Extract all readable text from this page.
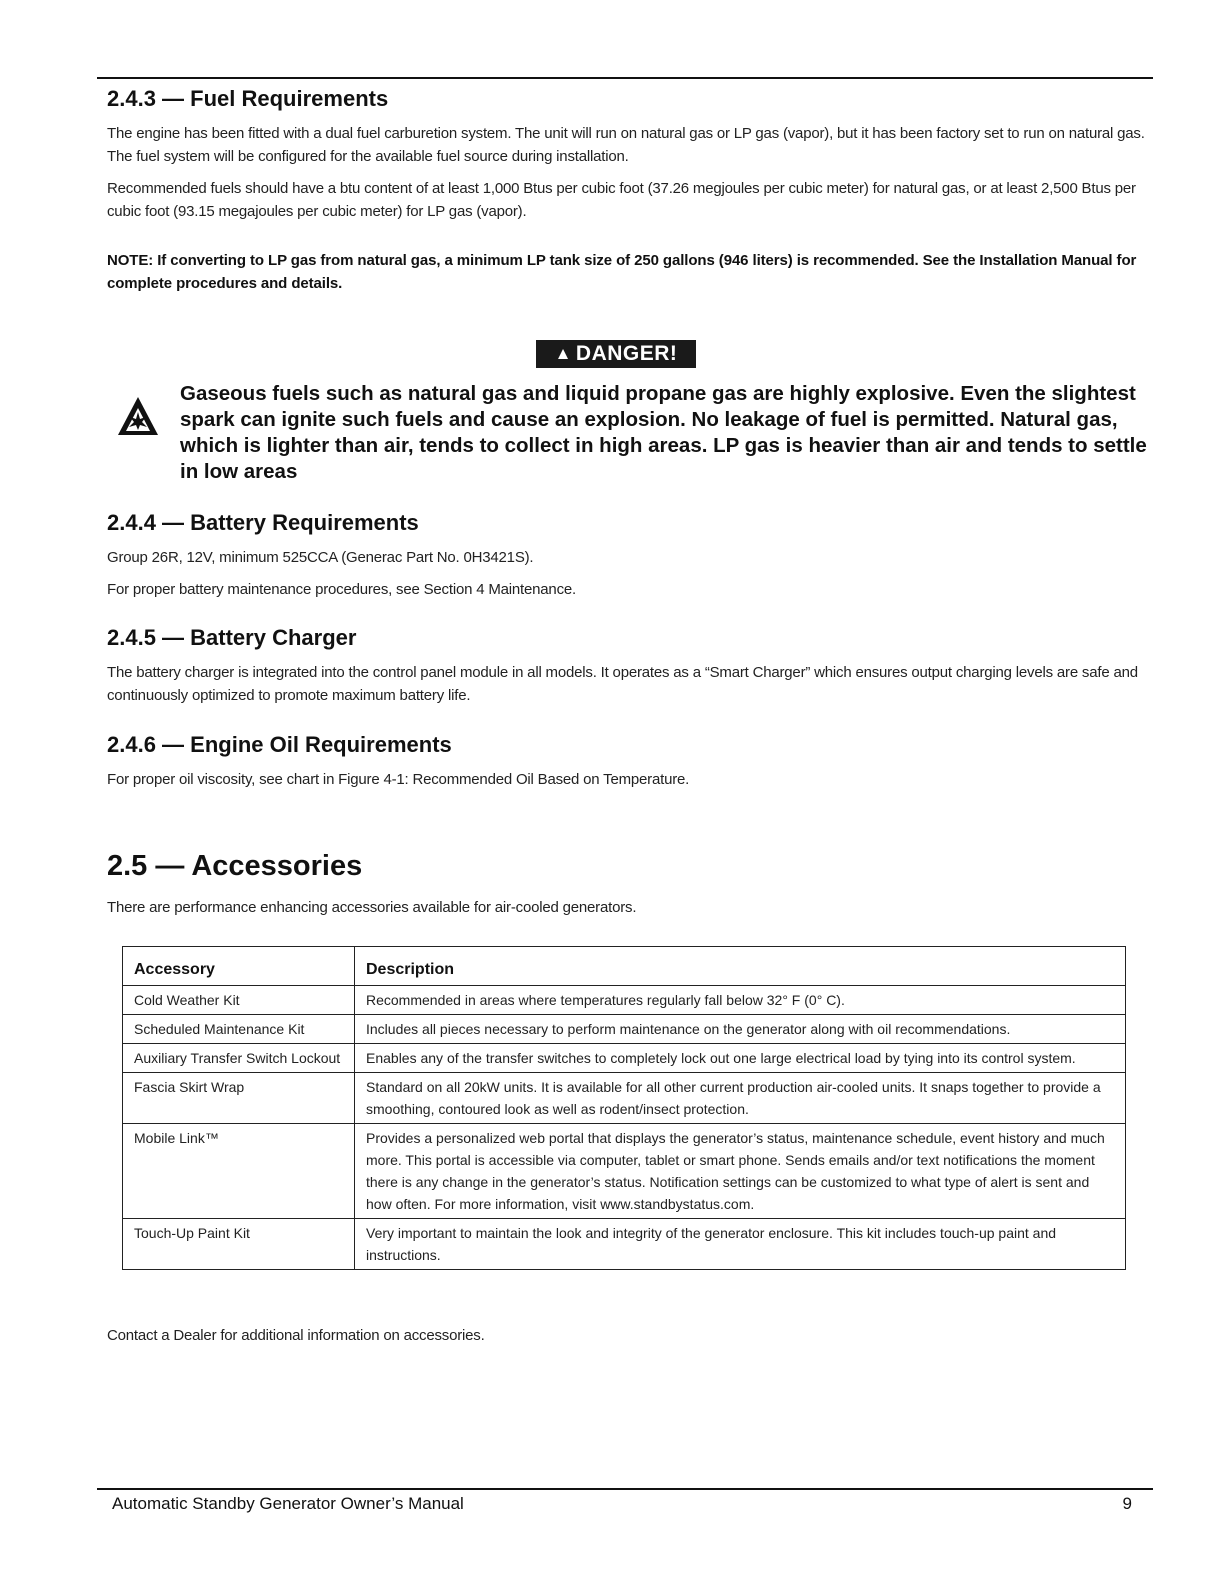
2.4.3 — Fuel Requirements

The engine has been fitted with a dual fuel carburetion system. The unit will run on natural gas or LP gas (vapor), but it has been factory set to run on natural gas. The fuel system will be configured for the available fuel source during installation.

Recommended fuels should have a btu content of at least 1,000 Btus per cubic foot (37.26 megjoules per cubic meter) for natural gas, or at least 2,500 Btus per cubic foot (93.15 megajoules per cubic meter) for LP gas (vapor).

NOTE: If converting to LP gas from natural gas, a minimum LP tank size of 250 gallons (946 liters) is recommended. See the Installation Manual for complete procedures and details.

▲ DANGER!

Gaseous fuels such as natural gas and liquid propane gas are highly explosive. Even the slightest spark can ignite such fuels and cause an explosion. No leakage of fuel is permitted. Natural gas, which is lighter than air, tends to collect in high areas. LP gas is heavier than air and tends to settle in low areas

2.4.4 — Battery Requirements

Group 26R, 12V, minimum 525CCA (Generac Part No. 0H3421S).

For proper battery maintenance procedures, see Section 4 Maintenance.

2.4.5 — Battery Charger

The battery charger is integrated into the control panel module in all models. It operates as a “Smart Charger” which ensures output charging levels are safe and continuously optimized to promote maximum battery life.

2.4.6 — Engine Oil Requirements

For proper oil viscosity, see chart in Figure 4-1: Recommended Oil Based on Temperature.

2.5 — Accessories

There are performance enhancing accessories available for air-cooled generators.

Accessory	Description
Cold Weather Kit	Recommended in areas where temperatures regularly fall below 32° F (0° C).
Scheduled Maintenance Kit	Includes all pieces necessary to perform maintenance on the generator along with oil recommendations.
Auxiliary Transfer Switch Lockout	Enables any of the transfer switches to completely lock out one large electrical load by tying into its control system.
Fascia Skirt Wrap	Standard on all 20kW units. It is available for all other current production air-cooled units. It snaps together to provide a smoothing, contoured look as well as rodent/insect protection.
Mobile Link™	Provides a personalized web portal that displays the generator’s status, maintenance schedule, event history and much more. This portal is accessible via computer, tablet or smart phone. Sends emails and/or text notifications the moment there is any change in the generator’s status. Notification settings can be customized to what type of alert is sent and how often. For more information, visit www.standbystatus.com.
Touch-Up Paint Kit	Very important to maintain the look and integrity of the generator enclosure. This kit includes touch-up paint and instructions.

Contact a Dealer for additional information on accessories.

Automatic Standby Generator Owner’s Manual	9
